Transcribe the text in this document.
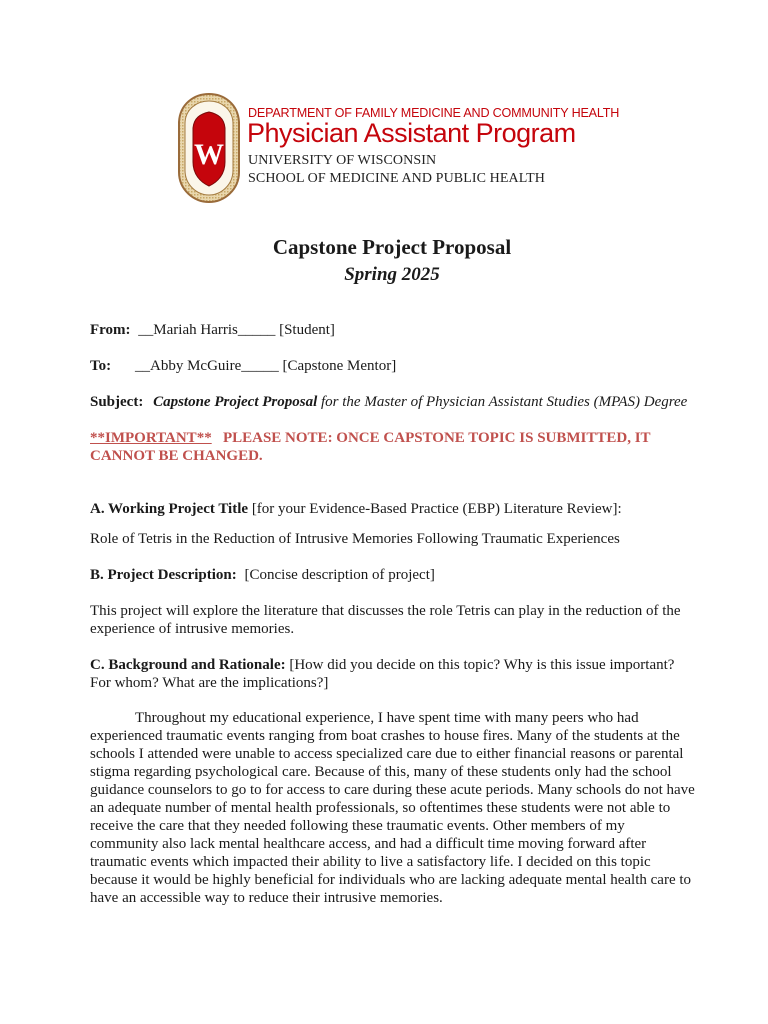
W
DEPARTMENT OF FAMILY MEDICINE AND COMMUNITY HEALTH
Physician Assistant Program
UNIVERSITY OF WISCONSIN
SCHOOL OF MEDICINE AND PUBLIC HEALTH
Capstone Project Proposal
Spring 2025
From: __Mariah Harris_____ [Student]
To: __Abby McGuire_____ [Capstone Mentor]
Subject: Capstone Project Proposal for the Master of Physician Assistant Studies (MPAS) Degree
**IMPORTANT** PLEASE NOTE: ONCE CAPSTONE TOPIC IS SUBMITTED, IT CANNOT BE CHANGED.
A. Working Project Title [for your Evidence-Based Practice (EBP) Literature Review]:
Role of Tetris in the Reduction of Intrusive Memories Following Traumatic Experiences
B. Project Description: [Concise description of project]
This project will explore the literature that discusses the role Tetris can play in the reduction of the experience of intrusive memories.
C. Background and Rationale: [How did you decide on this topic? Why is this issue important? For whom? What are the implications?]
Throughout my educational experience, I have spent time with many peers who had experienced traumatic events ranging from boat crashes to house fires. Many of the students at the schools I attended were unable to access specialized care due to either financial reasons or parental stigma regarding psychological care. Because of this, many of these students only had the school guidance counselors to go to for access to care during these acute periods. Many schools do not have an adequate number of mental health professionals, so oftentimes these students were not able to receive the care that they needed following these traumatic events. Other members of my community also lack mental healthcare access, and had a difficult time moving forward after traumatic events which impacted their ability to live a satisfactory life. I decided on this topic because it would be highly beneficial for individuals who are lacking adequate mental health care to have an accessible way to reduce their intrusive memories.
